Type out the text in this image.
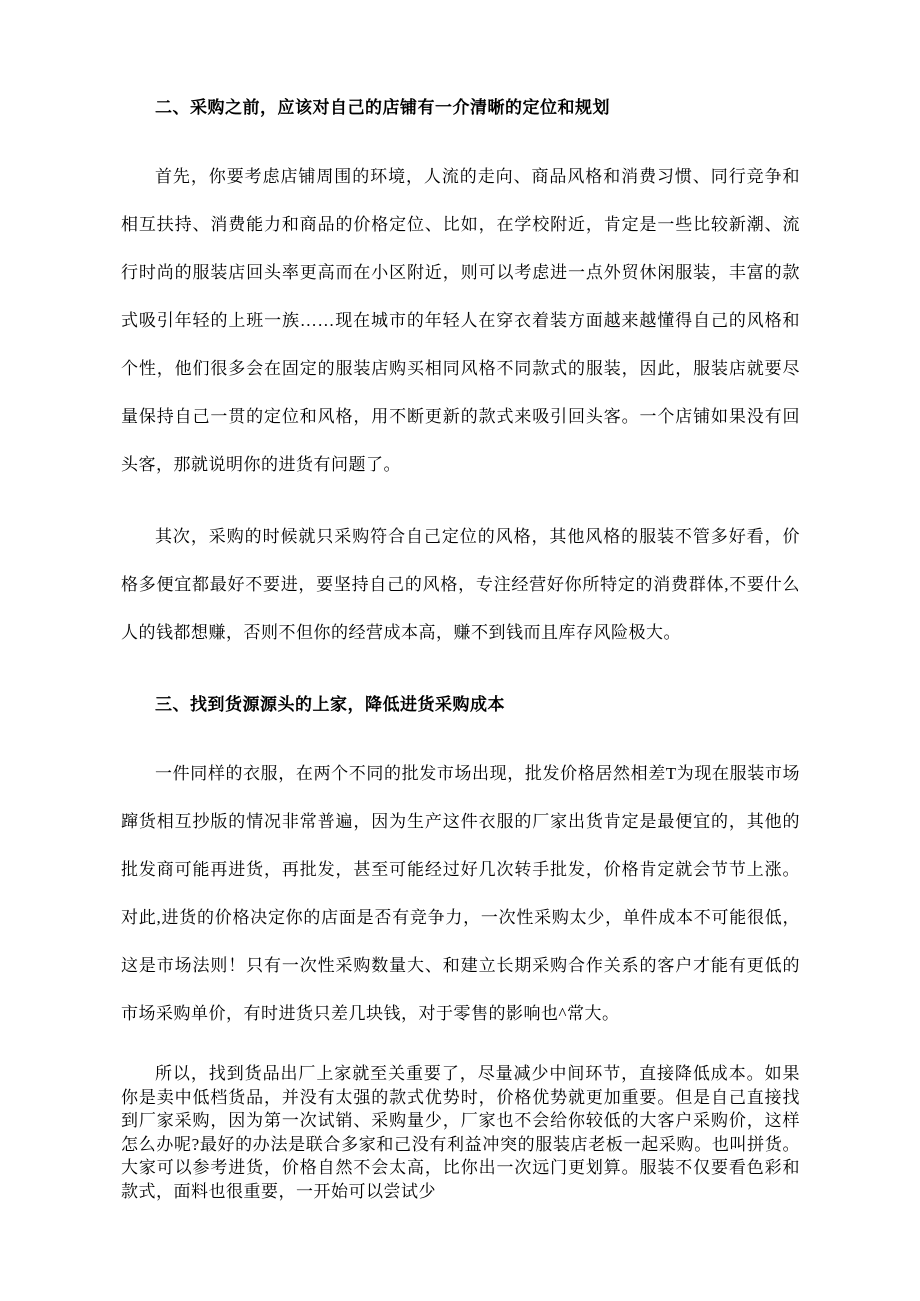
二、采购之前，应该对自己的店铺有一介清晰的定位和规划

首先，你要考虑店铺周围的环境，人流的走向、商品风格和消费习惯、同行竞争和相互扶持、消费能力和商品的价格定位、比如，在学校附近，肯定是一些比较新潮、流行时尚的服装店回头率更高而在小区附近，则可以考虑进一点外贸休闲服装，丰富的款式吸引年轻的上班一族……现在城市的年轻人在穿衣着装方面越来越懂得自己的风格和个性，他们很多会在固定的服装店购买相同风格不同款式的服装，因此，服装店就要尽量保持自己一贯的定位和风格，用不断更新的款式来吸引回头客。一个店铺如果没有回头客，那就说明你的进货有问题了。

其次，采购的时候就只采购符合自己定位的风格，其他风格的服装不管多好看，价格多便宜都最好不要进，要坚持自己的风格，专注经营好你所特定的消费群体,不要什么人的钱都想赚，否则不但你的经营成本高，赚不到钱而且库存风险极大。

三、找到货源源头的上家，降低进货采购成本

一件同样的衣服，在两个不同的批发市场出现，批发价格居然相差T为现在服装市场蹿货相互抄版的情况非常普遍，因为生产这件衣服的厂家出货肯定是最便宜的，其他的批发商可能再进货，再批发，甚至可能经过好几次转手批发，价格肯定就会节节上涨。对此,进货的价格决定你的店面是否有竞争力，一次性采购太少，单件成本不可能很低，这是市场法则！只有一次性采购数量大、和建立长期采购合作关系的客户才能有更低的市场采购单价，有时进货只差几块钱，对于零售的影响也^常大。

所以，找到货品出厂上家就至关重要了，尽量减少中间环节，直接降低成本。如果你是卖中低档货品，并没有太强的款式优势时，价格优势就更加重要。但是自己直接找到厂家采购，因为第一次试销、采购量少，厂家也不会给你较低的大客户采购价，这样怎么办呢?最好的办法是联合多家和己没有利益冲突的服装店老板一起采购。也叫拼货。大家可以参考进货，价格自然不会太高，比你出一次远门更划算。服装不仅要看色彩和款式，面料也很重要，一开始可以尝试少
